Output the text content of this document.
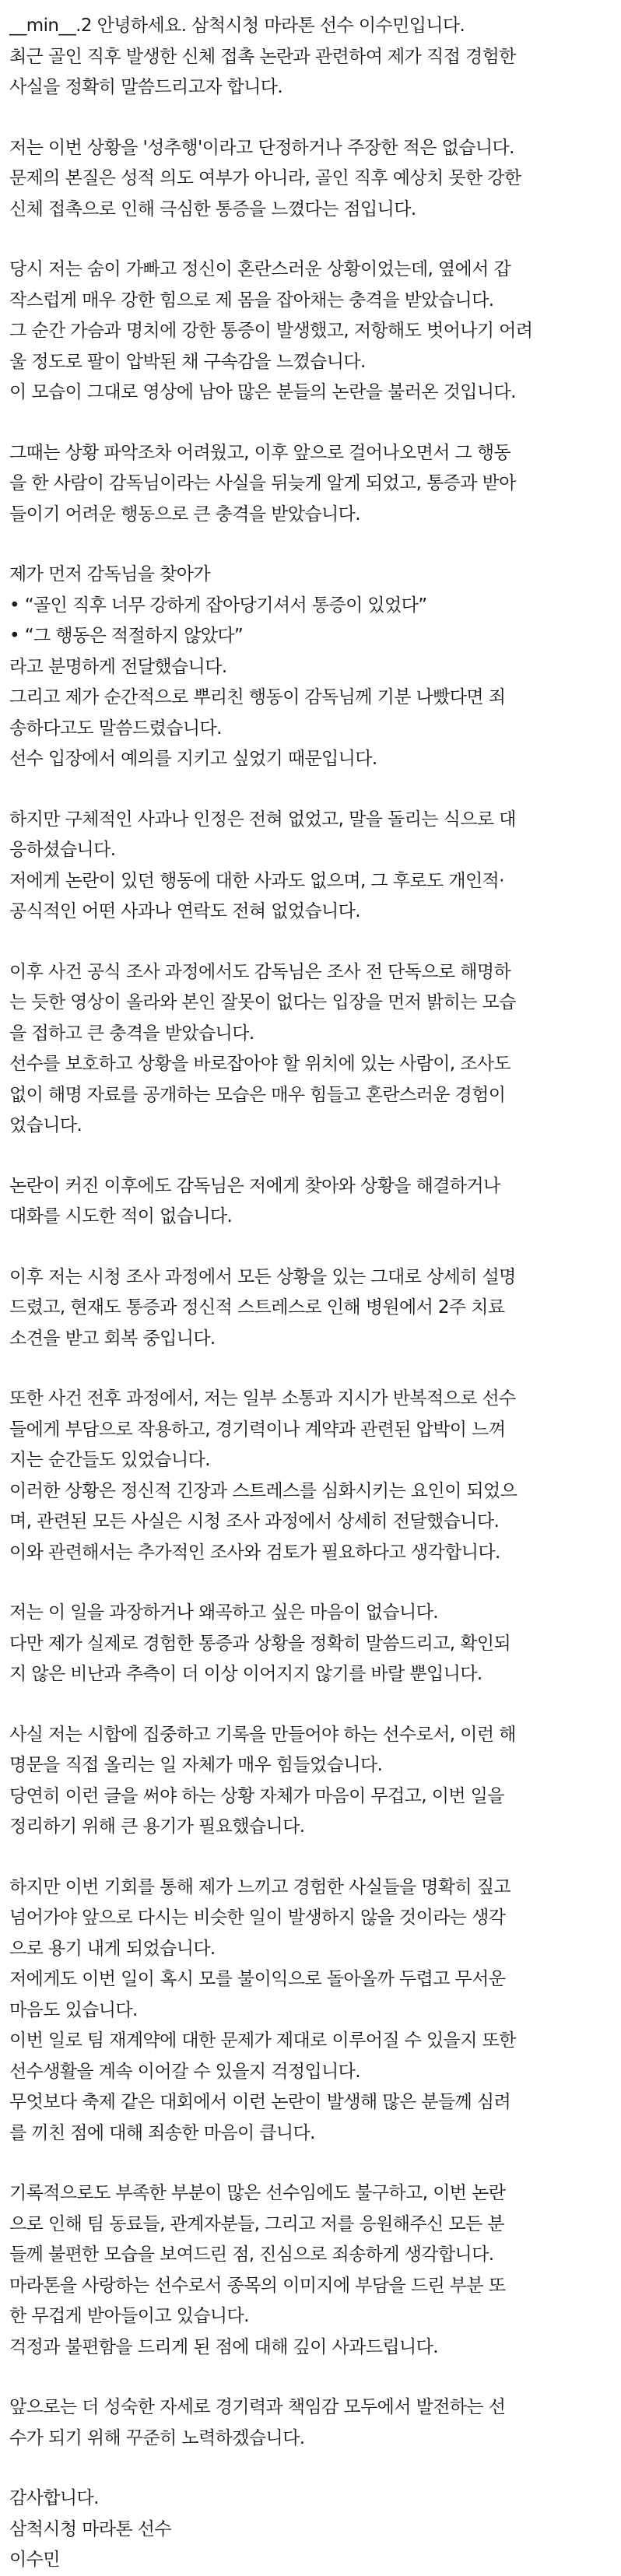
__min__.2 안녕하세요. 삼척시청 마라톤 선수 이수민입니다.
최근 골인 직후 발생한 신체 접촉 논란과 관련하여 제가 직접 경험한
사실을 정확히 말씀드리고자 합니다.
저는 이번 상황을 '성추행'이라고 단정하거나 주장한 적은 없습니다.
문제의 본질은 성적 의도 여부가 아니라, 골인 직후 예상치 못한 강한
신체 접촉으로 인해 극심한 통증을 느꼈다는 점입니다.
당시 저는 숨이 가빠고 정신이 혼란스러운 상황이었는데, 옆에서 갑
작스럽게 매우 강한 힘으로 제 몸을 잡아채는 충격을 받았습니다.
그 순간 가슴과 명치에 강한 통증이 발생했고, 저항해도 벗어나기 어려
울 정도로 팔이 압박된 채 구속감을 느꼈습니다.
이 모습이 그대로 영상에 남아 많은 분들의 논란을 불러온 것입니다.
그때는 상황 파악조차 어려웠고, 이후 앞으로 걸어나오면서 그 행동
을 한 사람이 감독님이라는 사실을 뒤늦게 알게 되었고, 통증과 받아
들이기 어려운 행동으로 큰 충격을 받았습니다.
제가 먼저 감독님을 찾아가
• “골인 직후 너무 강하게 잡아당기셔서 통증이 있었다”
• “그 행동은 적절하지 않았다”
라고 분명하게 전달했습니다.
그리고 제가 순간적으로 뿌리친 행동이 감독님께 기분 나빴다면 죄
송하다고도 말씀드렸습니다.
선수 입장에서 예의를 지키고 싶었기 때문입니다.
하지만 구체적인 사과나 인정은 전혀 없었고, 말을 돌리는 식으로 대
응하셨습니다.
저에게 논란이 있던 행동에 대한 사과도 없으며, 그 후로도 개인적·
공식적인 어떤 사과나 연락도 전혀 없었습니다.
이후 사건 공식 조사 과정에서도 감독님은 조사 전 단독으로 해명하
는 듯한 영상이 올라와 본인 잘못이 없다는 입장을 먼저 밝히는 모습
을 접하고 큰 충격을 받았습니다.
선수를 보호하고 상황을 바로잡아야 할 위치에 있는 사람이, 조사도
없이 해명 자료를 공개하는 모습은 매우 힘들고 혼란스러운 경험이
었습니다.
논란이 커진 이후에도 감독님은 저에게 찾아와 상황을 해결하거나
대화를 시도한 적이 없습니다.
이후 저는 시청 조사 과정에서 모든 상황을 있는 그대로 상세히 설명
드렸고, 현재도 통증과 정신적 스트레스로 인해 병원에서 2주 치료
소견을 받고 회복 중입니다.
또한 사건 전후 과정에서, 저는 일부 소통과 지시가 반복적으로 선수
들에게 부담으로 작용하고, 경기력이나 계약과 관련된 압박이 느껴
지는 순간들도 있었습니다.
이러한 상황은 정신적 긴장과 스트레스를 심화시키는 요인이 되었으
며, 관련된 모든 사실은 시청 조사 과정에서 상세히 전달했습니다.
이와 관련해서는 추가적인 조사와 검토가 필요하다고 생각합니다.
저는 이 일을 과장하거나 왜곡하고 싶은 마음이 없습니다.
다만 제가 실제로 경험한 통증과 상황을 정확히 말씀드리고, 확인되
지 않은 비난과 추측이 더 이상 이어지지 않기를 바랄 뿐입니다.
사실 저는 시합에 집중하고 기록을 만들어야 하는 선수로서, 이런 해
명문을 직접 올리는 일 자체가 매우 힘들었습니다.
당연히 이런 글을 써야 하는 상황 자체가 마음이 무겁고, 이번 일을
정리하기 위해 큰 용기가 필요했습니다.
하지만 이번 기회를 통해 제가 느끼고 경험한 사실들을 명확히 짚고
넘어가야 앞으로 다시는 비슷한 일이 발생하지 않을 것이라는 생각
으로 용기 내게 되었습니다.
저에게도 이번 일이 혹시 모를 불이익으로 돌아올까 두렵고 무서운
마음도 있습니다.
이번 일로 팀 재계약에 대한 문제가 제대로 이루어질 수 있을지 또한
선수생활을 계속 이어갈 수 있을지 걱정입니다.
무엇보다 축제 같은 대회에서 이런 논란이 발생해 많은 분들께 심려
를 끼친 점에 대해 죄송한 마음이 큽니다.
기록적으로도 부족한 부분이 많은 선수임에도 불구하고, 이번 논란
으로 인해 팀 동료들, 관계자분들, 그리고 저를 응원해주신 모든 분
들께 불편한 모습을 보여드린 점, 진심으로 죄송하게 생각합니다.
마라톤을 사랑하는 선수로서 종목의 이미지에 부담을 드린 부분 또
한 무겁게 받아들이고 있습니다.
걱정과 불편함을 드리게 된 점에 대해 깊이 사과드립니다.
앞으로는 더 성숙한 자세로 경기력과 책임감 모두에서 발전하는 선
수가 되기 위해 꾸준히 노력하겠습니다.
감사합니다.
삼척시청 마라톤 선수
이수민
